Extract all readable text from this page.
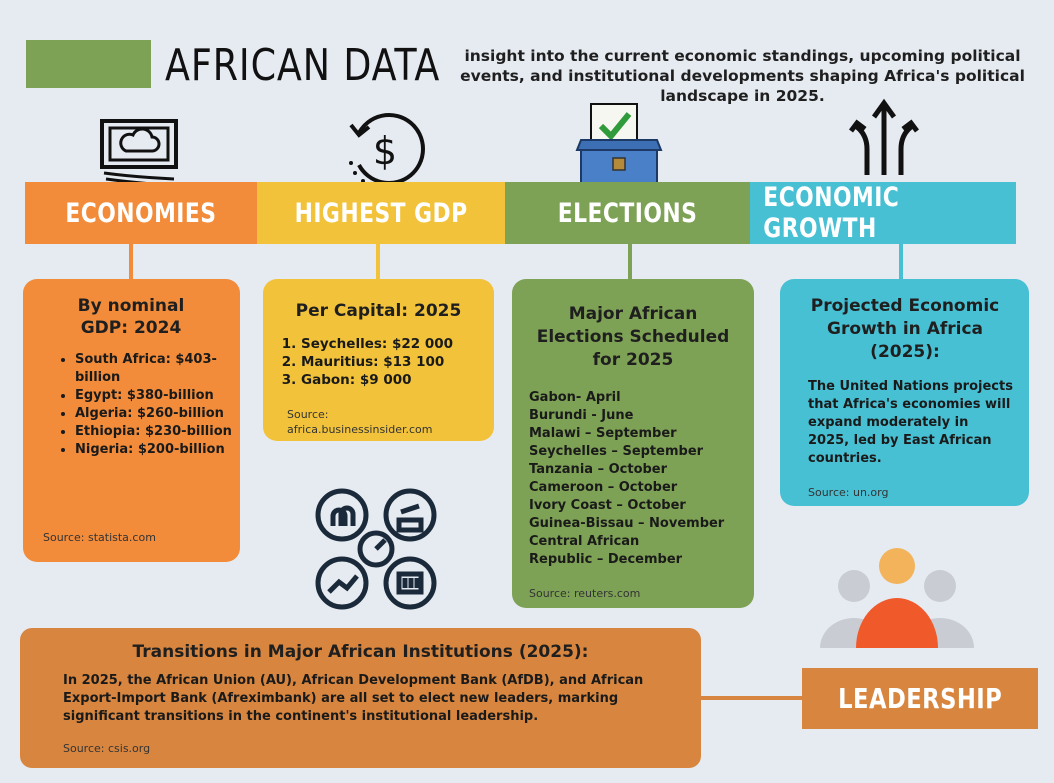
AFRICAN DATA	insight into the current economic standings, upcoming political events, and institutional developments shaping Africa's political landscape in 2025.
$
ECONOMIES	HIGHEST GDP	ELECTIONS ECONOMIC GROWTH
By nominal GDP: 2024
• South Africa: $403-billion
• Egypt: $380-billion
• Algeria: $260-billion
• Ethiopia: $230-billion
• Nigeria: $200-billion
Source: statista.com
Per Capital: 2025
1. Seychelles: $22 000
2. Mauritius: $13 100
3. Gabon: $9 000
Source:
africa.businessinsider.com
Major African Elections Scheduled for 2025
Gabon- April
Burundi - June
Malawi – September
Seychelles – September
Tanzania – October
Cameroon – October
Ivory Coast – October
Guinea-Bissau – November
Central African
Republic – December
Source: reuters.com
Projected Economic Growth in Africa (2025):
The United Nations projects that Africa's economies will expand moderately in 2025, led by East African countries.
Source: un.org
Transitions in Major African Institutions (2025):
In 2025, the African Union (AU), African Development Bank (AfDB), and African Export-Import Bank (Afreximbank) are all set to elect new leaders, marking significant transitions in the continent's institutional leadership.
Source: csis.org
LEADERSHIP
